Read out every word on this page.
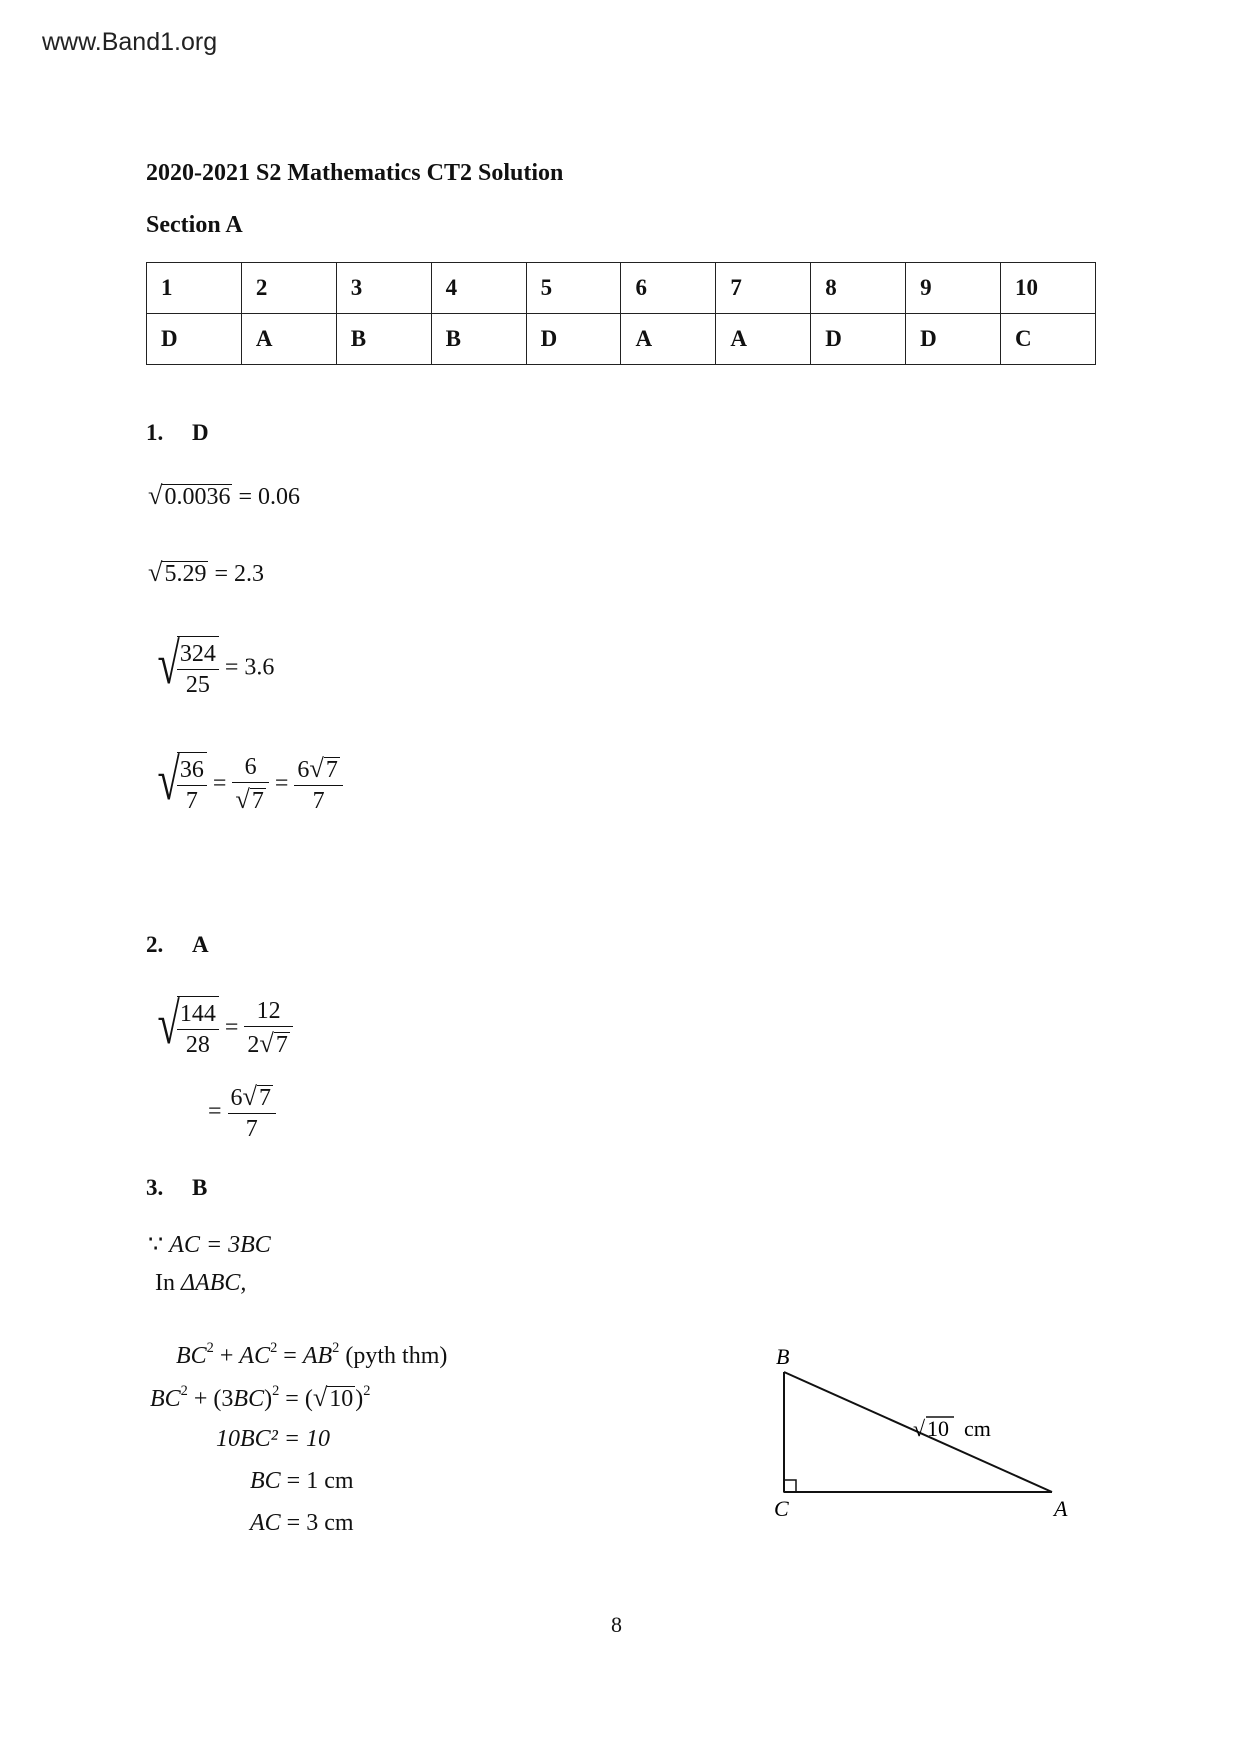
www.Band1.org
2020-2021 S2 Mathematics CT2 Solution
Section A
1	2	3	4	5	6	7	8	9	10
D	A	B	B	D	A	A	D	D	C
1. D
√0.0036 = 0.06
√5.29 = 2.3
√
$\frac{324}{25} = 3.6$
√
$\frac{36}{7} = \frac{6}{√7} = \frac{6√7}{7}$
2. A
√
$\frac{144}{28} = \frac{12}{2√7}$
= $\frac{6√7}{7}$
3. B
∵ AC = 3BC
In ΔABC,
$BC^2 + AC^2 = AB^2$ (pyth thm)
$BC^2 + (3BC)^2 = (√10)^2$
10BC² = 10
BC = 1 cm
AC = 3 cm
B
C	A
√ 10 cm
8
